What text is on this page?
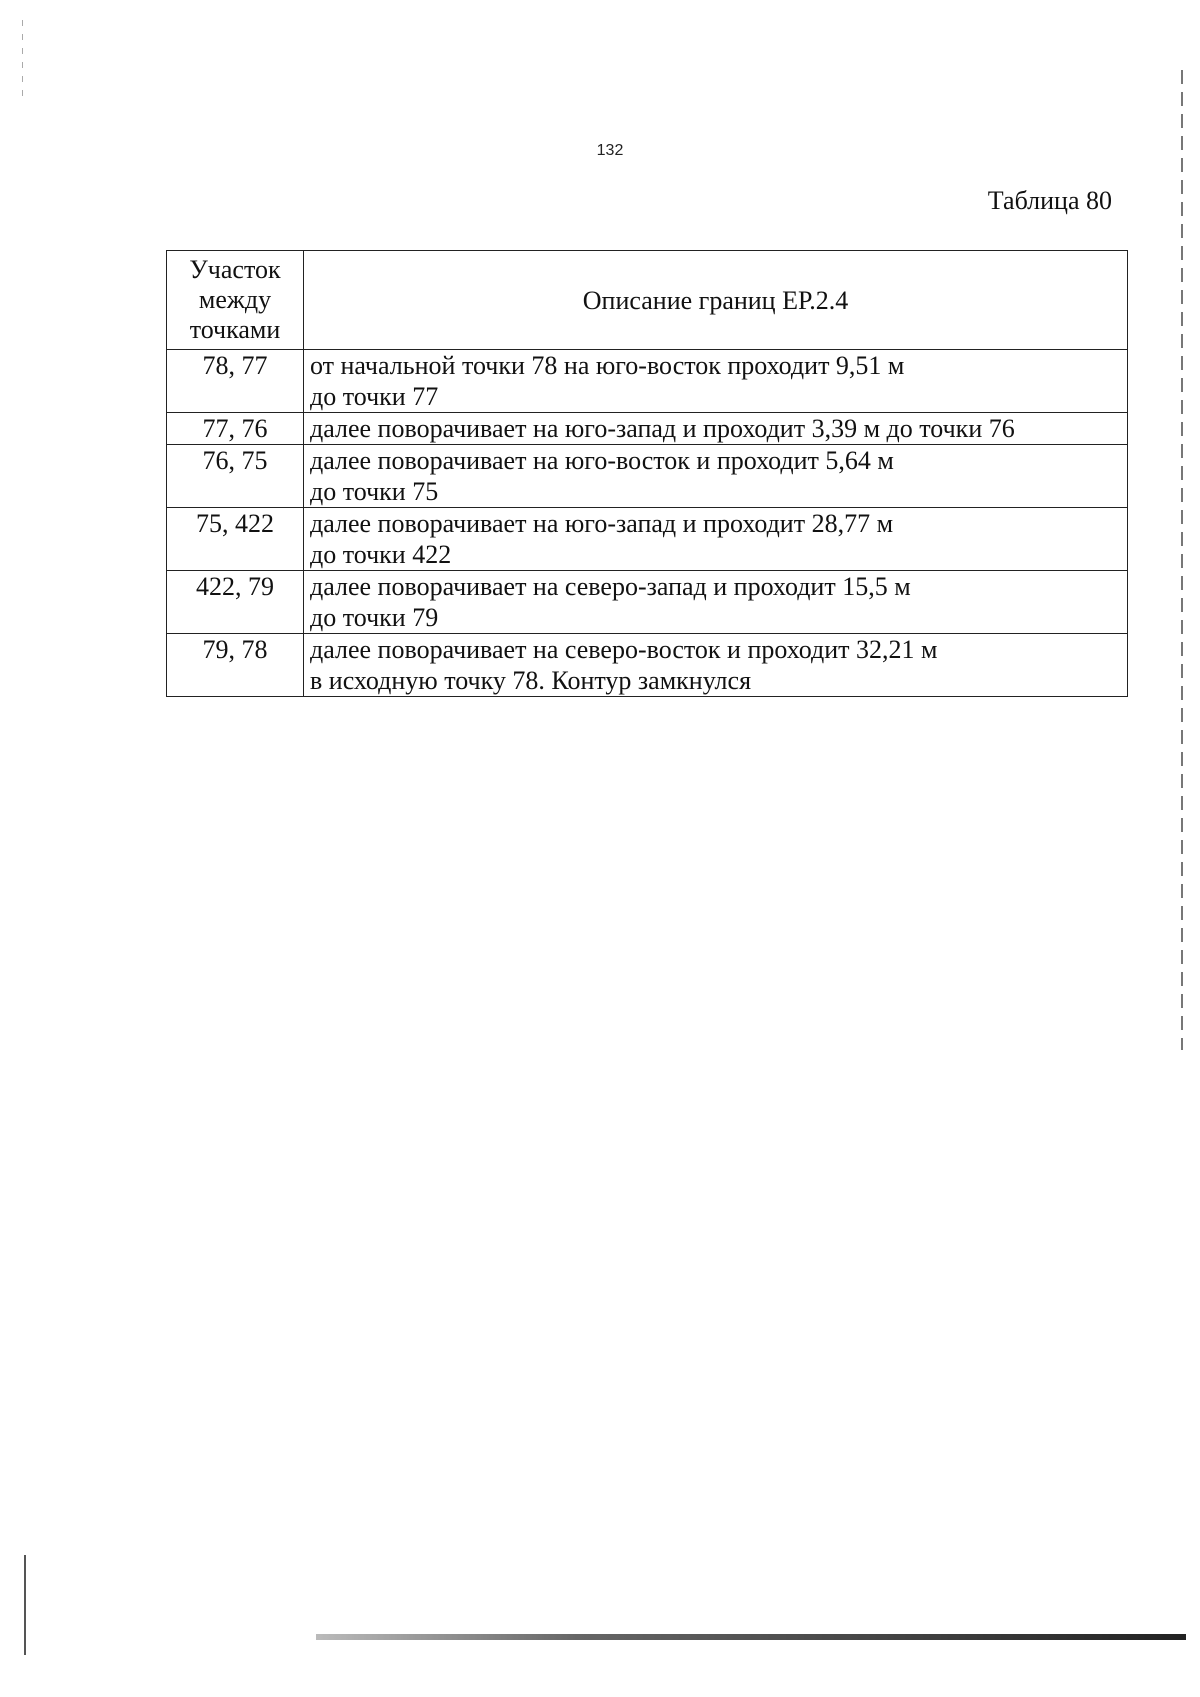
132
Таблица 80
Участок
между
точками	Описание границ ЕР.2.4
78, 77	от начальной точки 78 на юго-восток проходит 9,51 м
до точки 77

77, 76	далее поворачивает на юго-запад и проходит 3,39 м до точки 76

76, 75	далее поворачивает на юго-восток и проходит 5,64 м
до точки 75

75, 422	далее поворачивает на юго-запад и проходит 28,77 м
до точки 422

422, 79	далее поворачивает на северо-запад и проходит 15,5 м
до точки 79

79, 78	далее поворачивает на северо-восток и проходит 32,21 м
в исходную точку 78. Контур замкнулся
